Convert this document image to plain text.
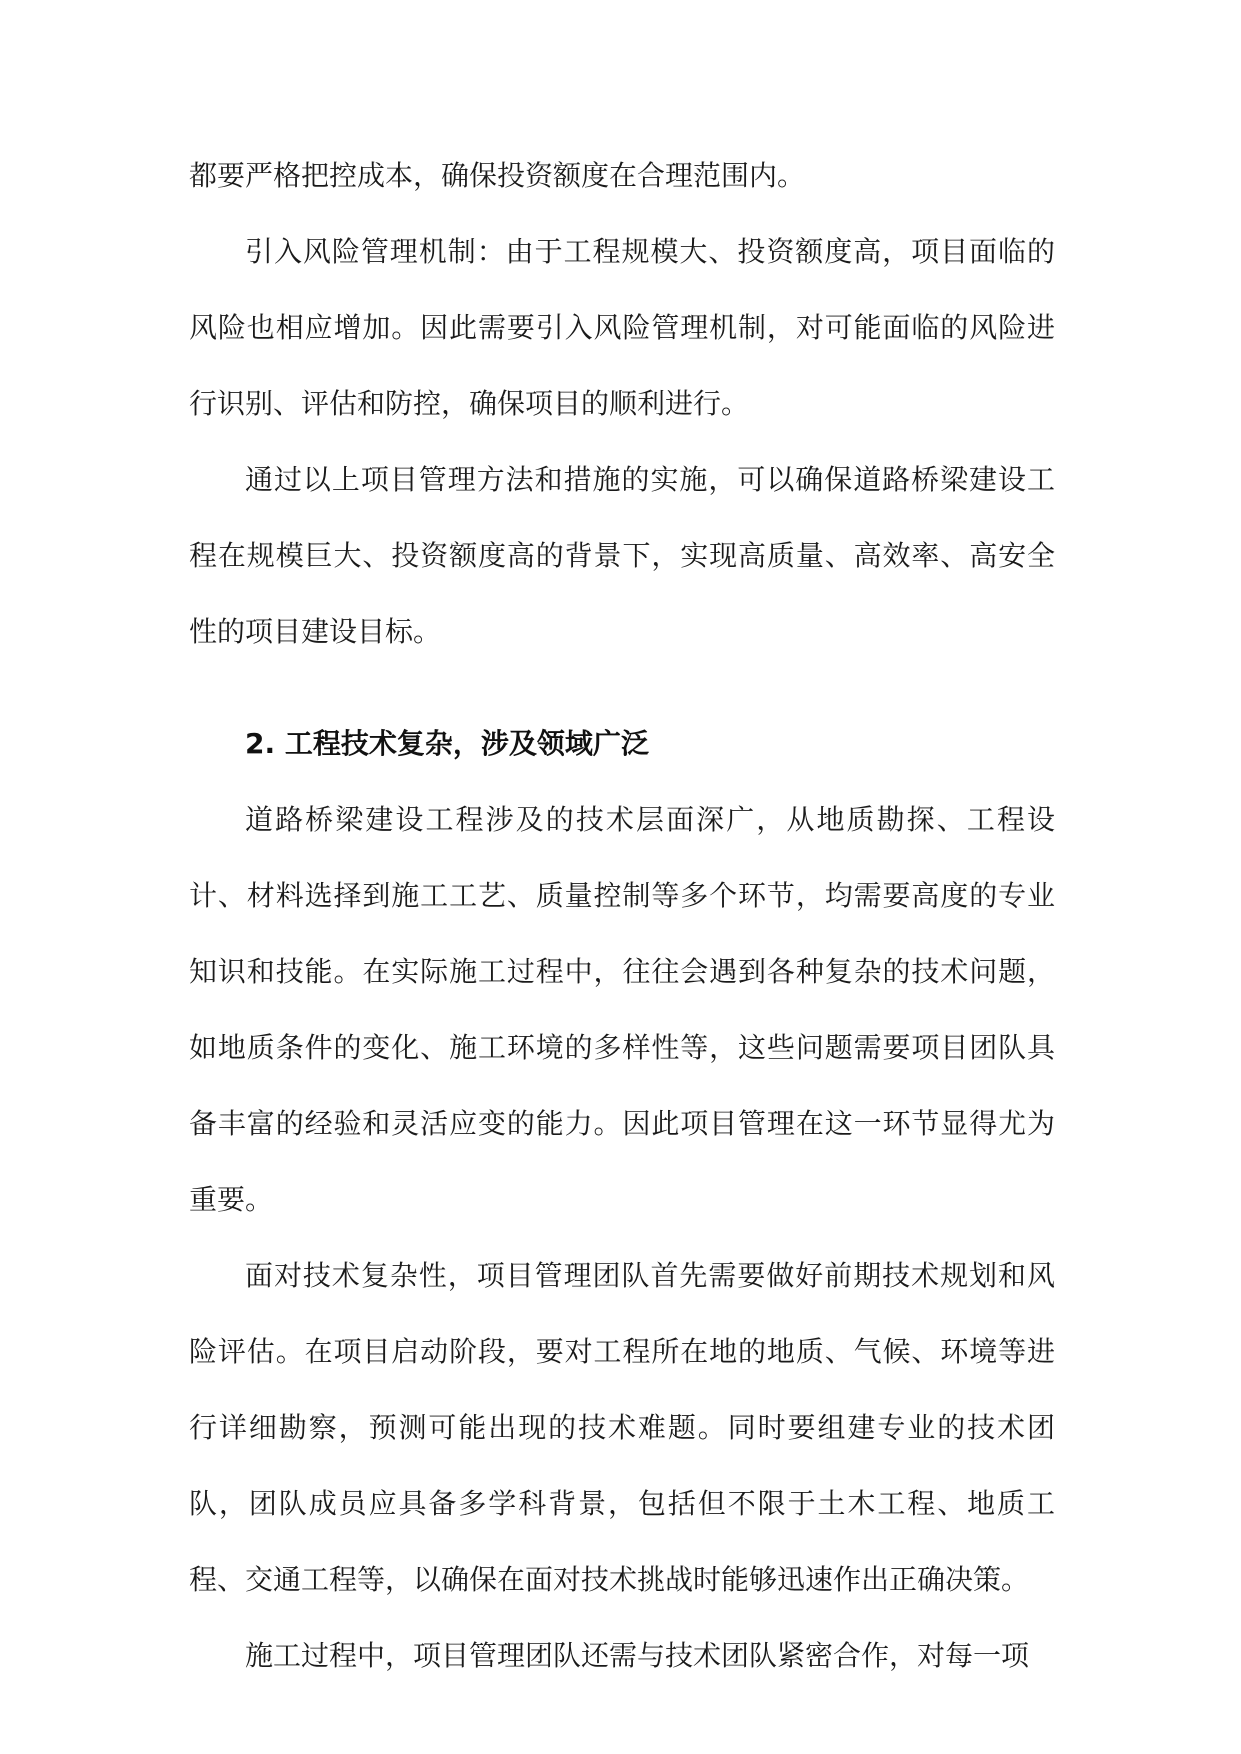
都要严格把控成本，确保投资额度在合理范围内。

引入风险管理机制：由于工程规模大、投资额度高，项目面临的风险也相应增加。因此需要引入风险管理机制，对可能面临的风险进行识别、评估和防控，确保项目的顺利进行。

通过以上项目管理方法和措施的实施，可以确保道路桥梁建设工程在规模巨大、投资额度高的背景下，实现高质量、高效率、高安全性的项目建设目标。

2. 工程技术复杂，涉及领域广泛

道路桥梁建设工程涉及的技术层面深广，从地质勘探、工程设计、材料选择到施工工艺、质量控制等多个环节，均需要高度的专业知识和技能。在实际施工过程中，往往会遇到各种复杂的技术问题，如地质条件的变化、施工环境的多样性等，这些问题需要项目团队具备丰富的经验和灵活应变的能力。因此项目管理在这一环节显得尤为重要。

面对技术复杂性，项目管理团队首先需要做好前期技术规划和风险评估。在项目启动阶段，要对工程所在地的地质、气候、环境等进行详细勘察，预测可能出现的技术难题。同时要组建专业的技术团队，团队成员应具备多学科背景，包括但不限于土木工程、地质工程、交通工程等，以确保在面对技术挑战时能够迅速作出正确决策。

施工过程中，项目管理团队还需与技术团队紧密合作，对每一项
